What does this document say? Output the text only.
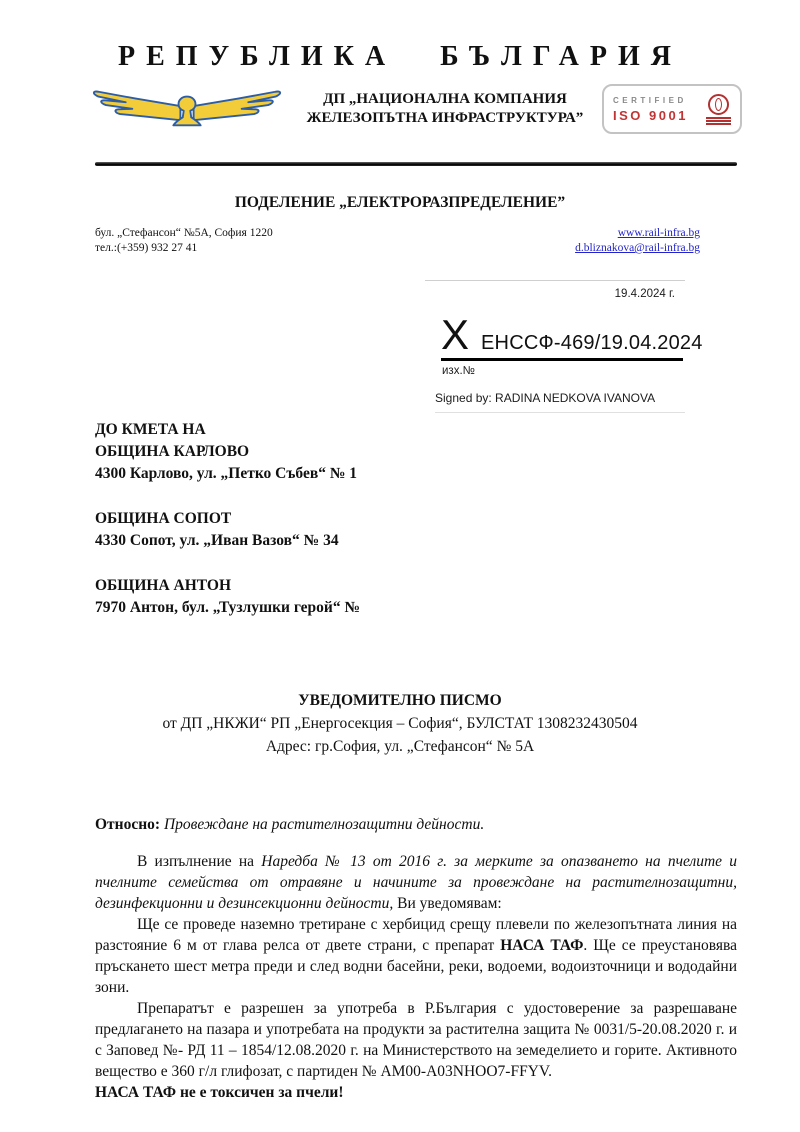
РЕПУБЛИКА БЪЛГАРИЯ
ДП „НАЦИОНАЛНА КОМПАНИЯ
ЖЕЛЕЗОПЪТНА ИНФРАСТРУКТУРА”
CERTIFIED
ISO 9001
ПОДЕЛЕНИЕ „ЕЛЕКТРОРАЗПРЕДЕЛЕНИЕ”
бул. „Стефансон“ №5А, София 1220
тел.:(+359) 932 27 41
www.rail-infra.bg
d.bliznakova@rail-infra.bg
19.4.2024 г.
X ЕНССФ-469/19.04.2024
изх.№
Signed by: RADINA NEDKOVA IVANOVA
ДО КМЕТА НА
ОБЩИНА КАРЛОВО
4300 Карлово, ул. „Петко Събев“ № 1
ОБЩИНА СОПОТ
4330 Сопот, ул. „Иван Вазов“ № 34
ОБЩИНА АНТОН
7970 Антон, бул. „Тузлушки герой“ №
УВЕДОМИТЕЛНО ПИСМО
от ДП „НКЖИ“ РП „Енергосекция – София“, БУЛСТАТ 1308232430504
Адрес: гр.София, ул. „Стефансон“ № 5А
Относно: Провеждане на растителнозащитни дейности.

В изпълнение на Наредба № 13 от 2016 г. за мерките за опазването на пчелите и пчелните семейства от отравяне и начините за провеждане на растителнозащитни, дезинфекционни и дезинсекционни дейности, Ви уведомявам:

Ще се проведе наземно третиране с хербицид срещу плевели по железопътната линия на разстояние 6 м от глава релса от двете страни, с препарат НАСА ТАФ. Ще се преустановява пръскането шест метра преди и след водни басейни, реки, водоеми, водоизточници и вододайни зони.

Препаратът е разрешен за употреба в Р.България с удостоверение за разрешаване предлагането на пазара и употребата на продукти за растителна защита № 0031/5-20.08.2020 г. и с Заповед №- РД 11 – 1854/12.08.2020 г. на Министерството на земеделието и горите. Активното вещество е 360 г/л глифозат, с партиден № АМ00-А03NHOO7-FFYV.

НАСА ТАФ не е токсичен за пчели!
